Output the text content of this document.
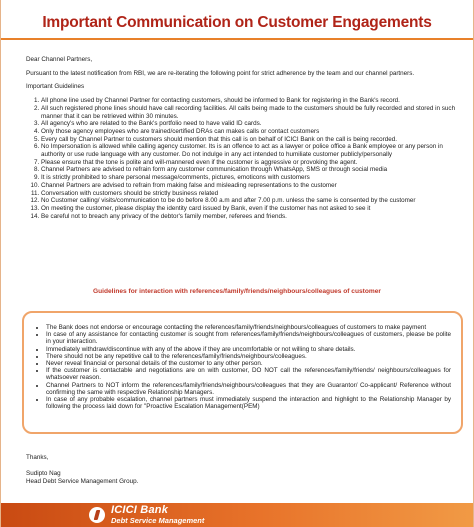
Important Communication on Customer Engagements

Dear Channel Partners,

Pursuant to the latest notification from RBI, we are re-iterating the following point for strict adherence by the team and our channel partners.

Important Guidelines

1. All phone line used by Channel Partner for contacting customers, should be informed to Bank for registering in the Bank's record.
2. All such registered phone lines should have call recording facilities. All calls being made to the customers should be fully recorded and stored in such manner that it can be retrieved within 30 minutes.
3. All agency's who are related to the Bank's portfolio need to have valid ID cards.
4. Only those agency employees who are trained/certified DRAs can makes calls or contact customers
5. Every call by Channel Partner to customers should mention that this call is on behalf of ICICI Bank on the call is being recorded.
6. No Impersonation is allowed while calling agency customer. Its is an offence to act as a lawyer or police office a Bank employee or any person in authority or use rude language with any customer. Do not indulge in any act intended to humiliate customer publicly/personally
7. Please ensure that the tone is polite and will-mannered even if the customer is aggressive or provoking the agent.
8. Channel Partners are advised to refrain form any customer communication through WhatsApp, SMS or through social media
9. It is strictly prohibited to share personal message/comments, pictures, emoticons with customers
10. Channel Partners are advised to refrain from making false and misleading representations to the customer
11. Conversation with customers should be strictly business related
12. No Customer calling/ visits/communication to be do before 8.00 a.m and after 7.00 p.m. unless the same is consented by the customer
13. On meeting the customer, please display the identity card issued by Bank, even if the customer has not asked to see it
14. Be careful not to breach any privacy of the debtor's family member, referees and friends.
Guidelines for interaction with references/family/friends/neighbours/colleagues of customer
• The Bank does not endorse or encourage contacting the references/family/friends/neighbours/colleagues of customers to make payment
• In case of any assistance for contacting customer is sought from references/family/friends/neighbours/colleagues of customers, please be polite in your interaction.
• Immediately withdraw/discontinue with any of the above if they are uncomfortable or not willing to share details.
• There should not be any repetitive call to the references/family/friends/neighbours/colleagues.
• Never reveal financial or personal details of the customer to any other person.
• If the customer is contactable and negotiations are on with customer, DO NOT call the references/family/friends/ neighbours/colleagues for whatsoever reason.
• Channel Partners to NOT inform the references/family/friends/neighbours/colleagues that they are Guarantor/ Co-applicant/ Reference without confirming the same with respective Relationship Managers.
• In case of any probable escalation, channel partners must immediately suspend the interaction and highlight to the Relationship Manager by following the process laid down for "Proactive Escalation Management(PEM)

Thanks,

Sudipto Nag

Head Debt Service Management Group.

ICICI Bank
Debt Service Management
